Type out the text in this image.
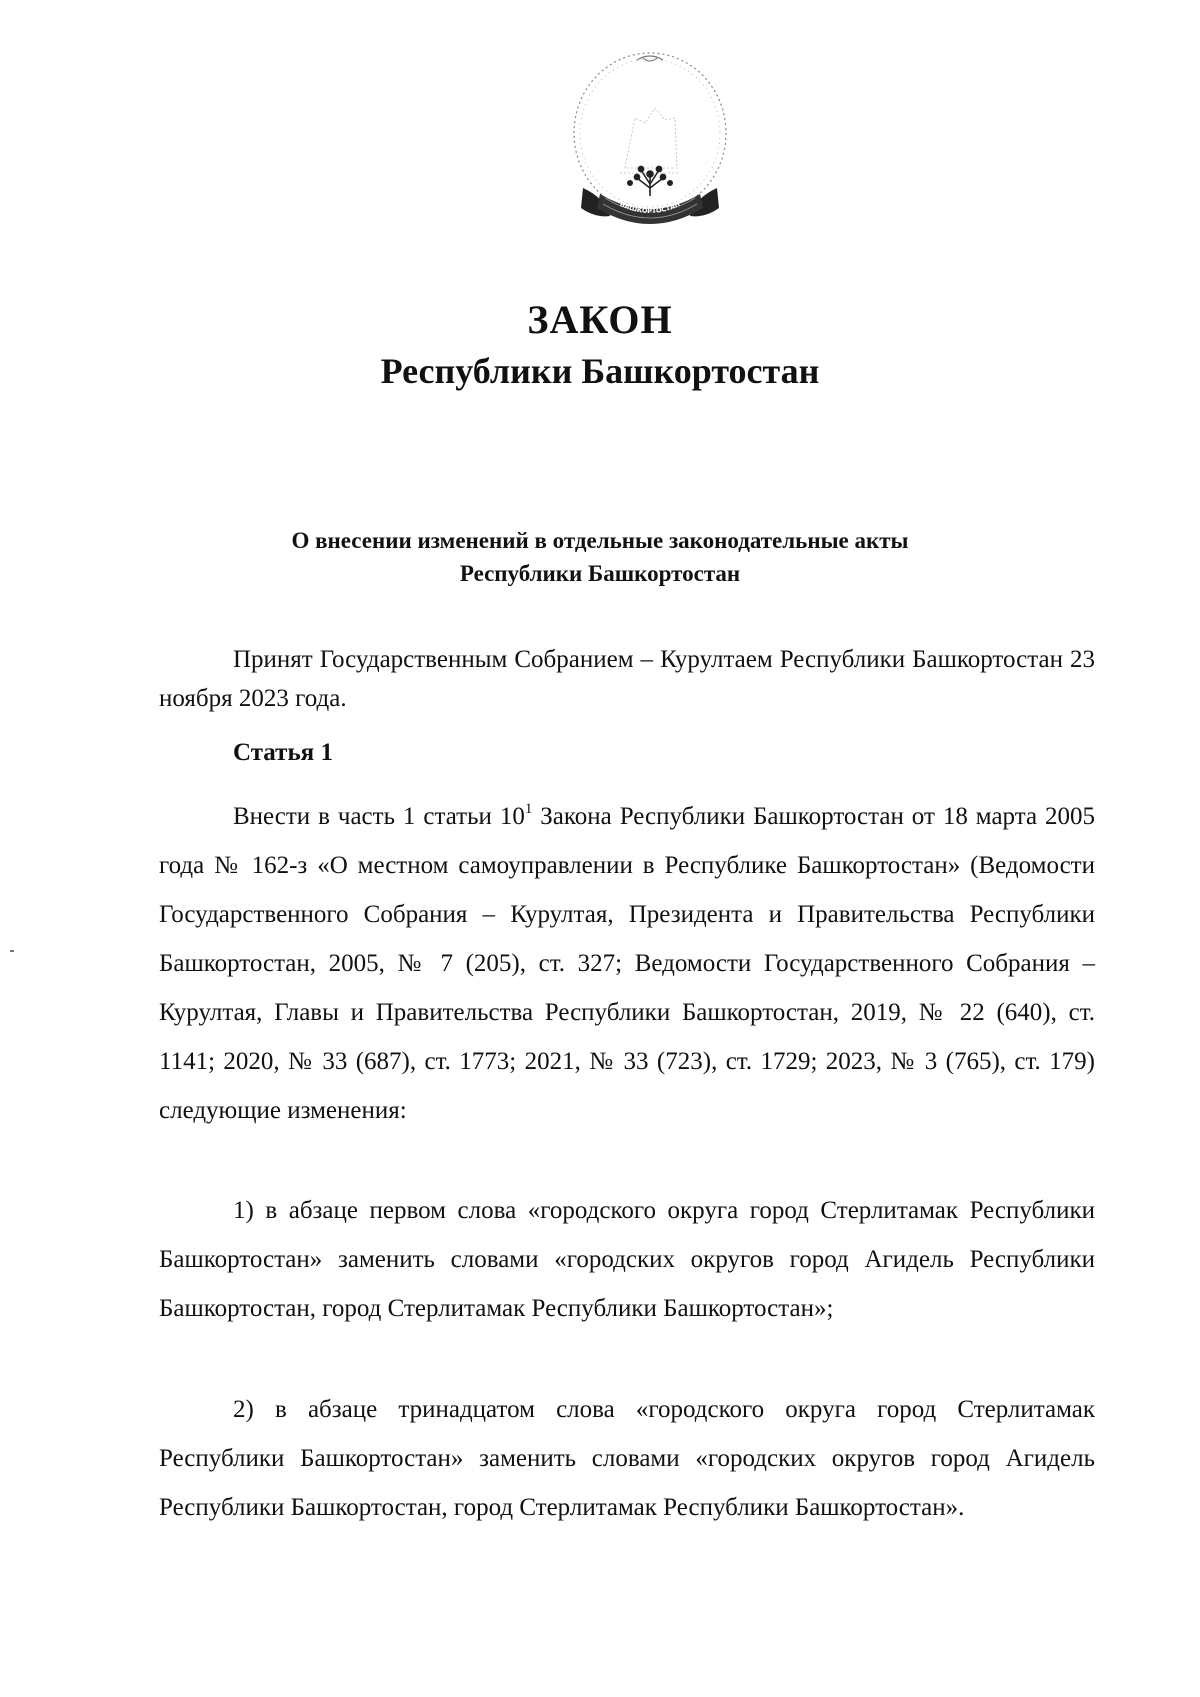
БАШКОРТОСТАН
ЗАКОН
Республики Башкортостан
О внесении изменений в отдельные законодательные акты
Республики Башкортостан

Принят Государственным Собранием – Курултаем Республики Башкортостан 23 ноября 2023 года.

Статья 1

Внести в часть 1 статьи $10^1$ Закона Республики Башкортостан от 18 марта 2005 года № 162-з «О местном самоуправлении в Республике Башкортостан» (Ведомости Государственного Собрания – Курултая, Президента и Правительства Республики Башкортостан, 2005, № 7 (205), ст. 327; Ведомости Государственного Собрания – Курултая, Главы и Правительства Республики Башкортостан, 2019, № 22 (640), ст. 1141; 2020, № 33 (687), ст. 1773; 2021, № 33 (723), ст. 1729; 2023, № 3 (765), ст. 179) следующие изменения:

1) в абзаце первом слова «городского округа город Стерлитамак Республики Башкортостан» заменить словами «городских округов город Агидель Республики Башкортостан, город Стерлитамак Республики Башкортостан»;

2) в абзаце тринадцатом слова «городского округа город Стерлитамак Республики Башкортостан» заменить словами «городских округов город Агидель Республики Башкортостан, город Стерлитамак Республики Башкортостан».
